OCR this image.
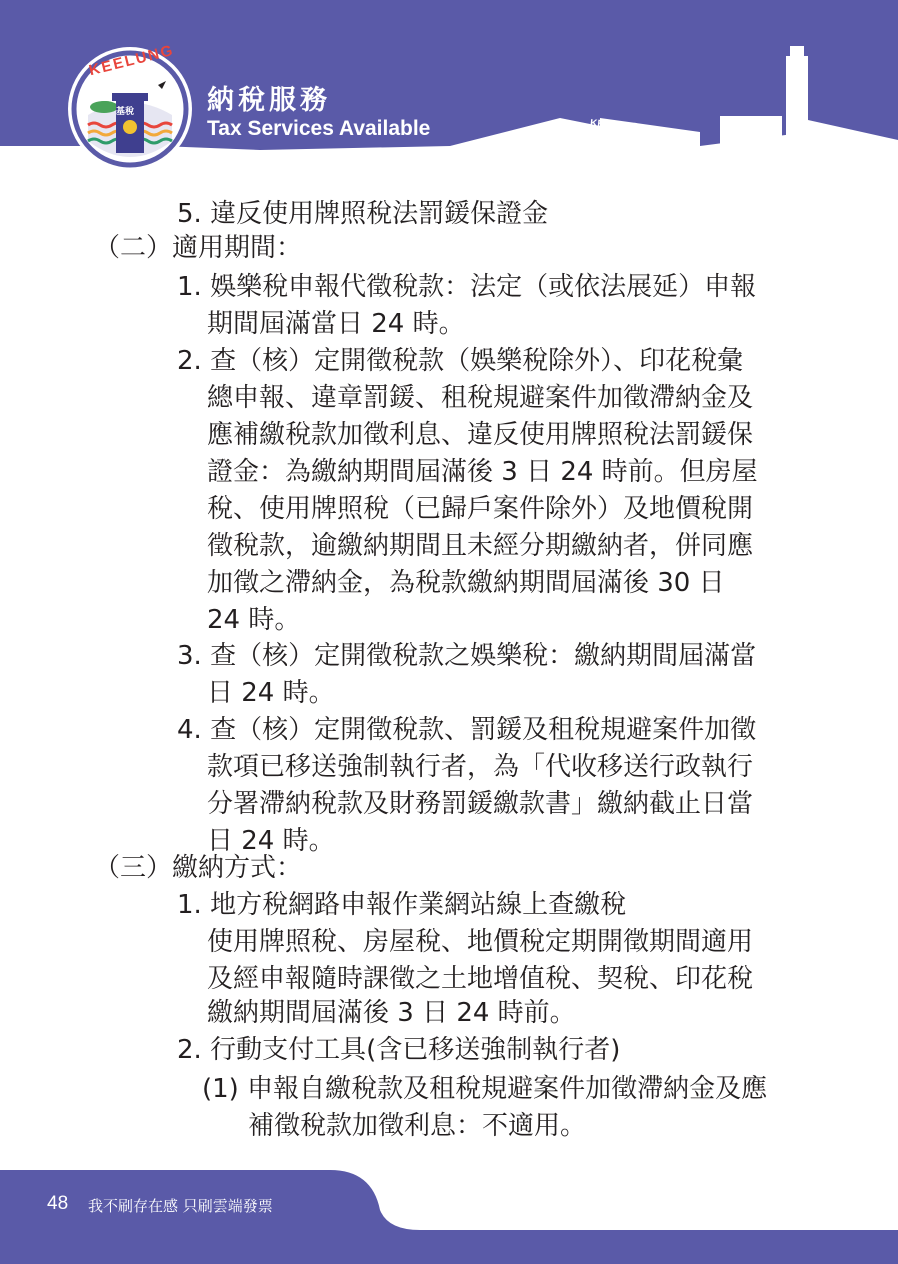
KEELUNG
基稅	納稅服務
Tax Services Available	KEELUNG
5. 違反使用牌照稅法罰鍰保證金
（二）適用期間：
1. 娛樂稅申報代徵稅款：法定（或依法展延）申報
期間屆滿當日 24 時。
2. 查（核）定開徵稅款（娛樂稅除外）、印花稅彙
總申報、違章罰鍰、租稅規避案件加徵滯納金及
應補繳稅款加徵利息、違反使用牌照稅法罰鍰保
證金：為繳納期間屆滿後 3 日 24 時前。但房屋
稅、使用牌照稅（已歸戶案件除外）及地價稅開
徵稅款，逾繳納期間且未經分期繳納者，併同應
加徵之滯納金，為稅款繳納期間屆滿後 30 日
24 時。
3. 查（核）定開徵稅款之娛樂稅：繳納期間屆滿當
日 24 時。
4. 查（核）定開徵稅款、罰鍰及租稅規避案件加徵
款項已移送強制執行者，為「代收移送行政執行
分署滯納稅款及財務罰鍰繳款書」繳納截止日當
日 24 時。
（三）繳納方式：
1. 地方稅網路申報作業網站線上查繳稅
使用牌照稅、房屋稅、地價稅定期開徵期間適用
及經申報隨時課徵之土地增值稅、契稅、印花稅
繳納期間屆滿後 3 日 24 時前。
2. 行動支付工具(含已移送強制執行者)
(1) 申報自繳稅款及租稅規避案件加徵滯納金及應
補徵稅款加徵利息：不適用。
48 我不刷存在感 只刷雲端發票
